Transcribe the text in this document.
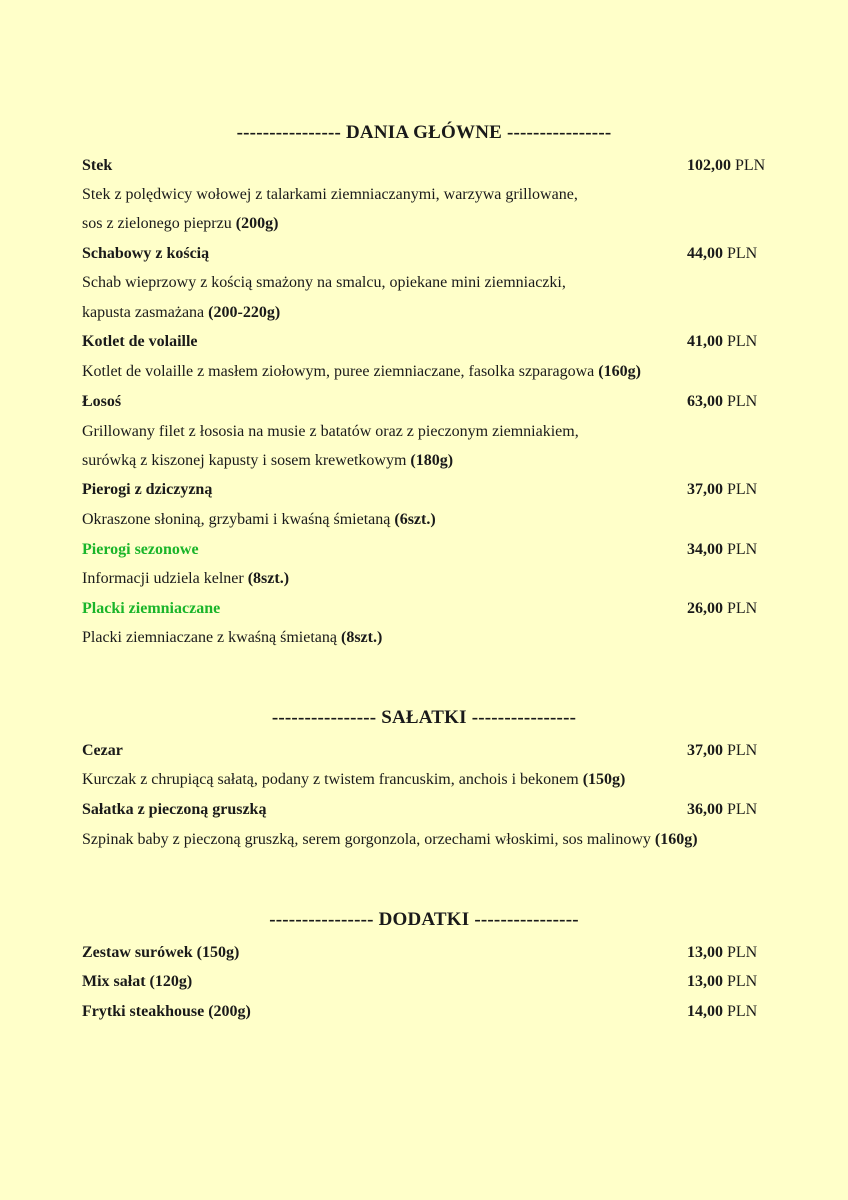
---------------- DANIA GŁÓWNE ----------------
Stek	102,00 PLN
Stek z polędwicy wołowej z talarkami ziemniaczanymi, warzywa grillowane,
sos z zielonego pieprzu (200g)
Schabowy z kością	44,00 PLN
Schab wieprzowy z kością smażony na smalcu, opiekane mini ziemniaczki,
kapusta zasmażana (200-220g)
Kotlet de volaille	41,00 PLN
Kotlet de volaille z masłem ziołowym, puree ziemniaczane, fasolka szparagowa (160g)
Łosoś	63,00 PLN
Grillowany filet z łososia na musie z batatów oraz z pieczonym ziemniakiem,
surówką z kiszonej kapusty i sosem krewetkowym (180g)
Pierogi z dziczyzną	37,00 PLN
Okraszone słoniną, grzybami i kwaśną śmietaną (6szt.)
Pierogi sezonowe	34,00 PLN
Informacji udziela kelner (8szt.)
Placki ziemniaczane	26,00 PLN
Placki ziemniaczane z kwaśną śmietaną (8szt.)
---------------- SAŁATKI ----------------
Cezar	37,00 PLN
Kurczak z chrupiącą sałatą, podany z twistem francuskim, anchois i bekonem (150g)
Sałatka z pieczoną gruszką	36,00 PLN
Szpinak baby z pieczoną gruszką, serem gorgonzola, orzechami włoskimi, sos malinowy (160g)
---------------- DODATKI ----------------
Zestaw surówek (150g)	13,00 PLN
Mix sałat (120g)	13,00 PLN
Frytki steakhouse (200g)	14,00 PLN
